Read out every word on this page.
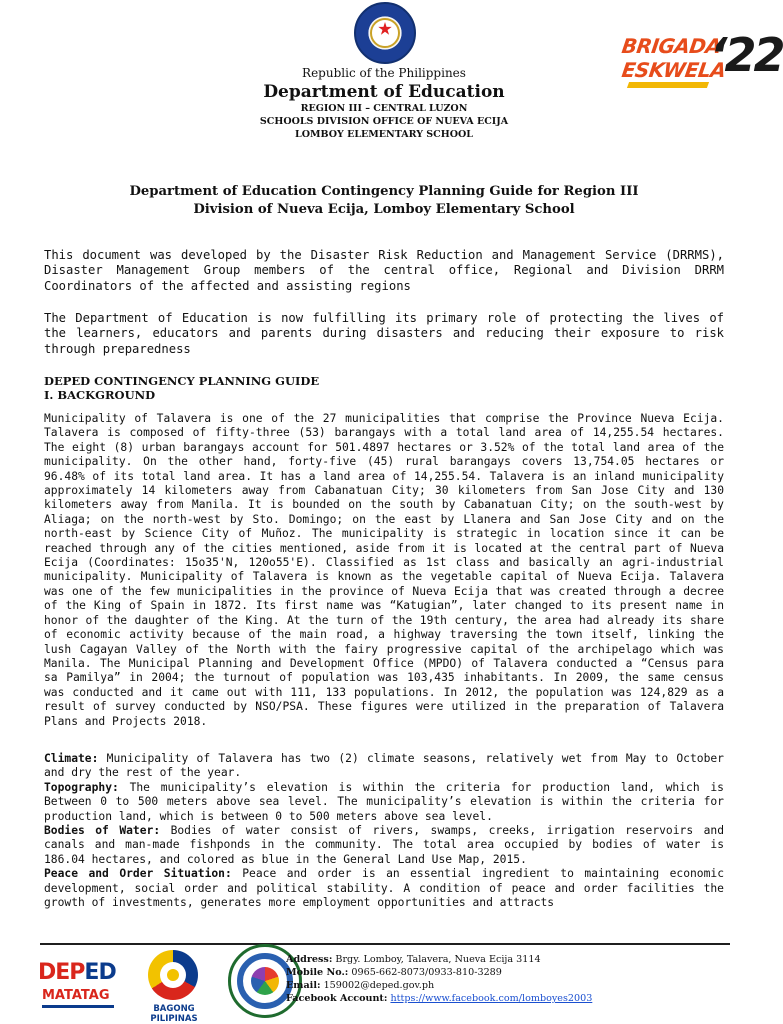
BRIGADA
ESKWELA
‘22
Republic of the Philippines
Department of Education
REGION III – CENTRAL LUZON
SCHOOLS DIVISION OFFICE OF NUEVA ECIJA
LOMBOY ELEMENTARY SCHOOL
Department of Education Contingency Planning Guide for Region III
Division of Nueva Ecija, Lomboy Elementary School
This document was developed by the Disaster Risk Reduction and Management Service (DRRMS), Disaster Management Group members of the central office, Regional and Division DRRM Coordinators of the affected and assisting regions
The Department of Education is now fulfilling its primary role of protecting the lives of the learners, educators and parents during disasters and reducing their exposure to risk through preparedness
DEPED CONTINGENCY PLANNING GUIDE
I. BACKGROUND
Municipality of Talavera is one of the 27 municipalities that comprise the Province Nueva Ecija. Talavera is composed of fifty-three (53) barangays with a total land area of 14,255.54 hectares. The eight (8) urban barangays account for 501.4897 hectares or 3.52% of the total land area of the municipality. On the other hand, forty-five (45) rural barangays covers 13,754.05 hectares or 96.48% of its total land area. It has a land area of 14,255.54. Talavera is an inland municipality approximately 14 kilometers away from Cabanatuan City; 30 kilometers from San Jose City and 130 kilometers away from Manila. It is bounded on the south by Cabanatuan City; on the south-west by Aliaga; on the north-west by Sto. Domingo; on the east by Llanera and San Jose City and on the north-east by Science City of Muñoz. The municipality is strategic in location since it can be reached through any of the cities mentioned, aside from it is located at the central part of Nueva Ecija (Coordinates: 15o35'N, 120o55'E). Classified as 1st class and basically an agri-industrial municipality. Municipality of Talavera is known as the vegetable capital of Nueva Ecija. Talavera was one of the few municipalities in the province of Nueva Ecija that was created through a decree of the King of Spain in 1872. Its first name was “Katugian”, later changed to its present name in honor of the daughter of the King. At the turn of the 19th century, the area had already its share of economic activity because of the main road, a highway traversing the town itself, linking the lush Cagayan Valley of the North with the fairy progressive capital of the archipelago which was Manila. The Municipal Planning and Development Office (MPDO) of Talavera conducted a “Census para sa Pamilya” in 2004; the turnout of population was 103,435 inhabitants. In 2009, the same census was conducted and it came out with 111, 133 populations. In 2012, the population was 124,829 as a result of survey conducted by NSO/PSA. These figures were utilized in the preparation of Talavera Plans and Projects 2018.
Climate: Municipality of Talavera has two (2) climate seasons, relatively wet from May to October and dry the rest of the year.
Topography: The municipality’s elevation is within the criteria for production land, which is Between 0 to 500 meters above sea level. The municipality’s elevation is within the criteria for production land, which is between 0 to 500 meters above sea level.
Bodies of Water: Bodies of water consist of rivers, swamps, creeks, irrigation reservoirs and canals and man-made fishponds in the community. The total area occupied by bodies of water is 186.04 hectares, and colored as blue in the General Land Use Map, 2015.
Peace and Order Situation: Peace and order is an essential ingredient to maintaining economic development, social order and political stability. A condition of peace and order facilities the growth of investments, generates more employment opportunities and attracts
DEPED
MATATAG
BAGONG PILIPINAS
Address: Brgy. Lomboy, Talavera, Nueva Ecija 3114
Mobile No.: 0965-662-8073/0933-810-3289
Email: 159002@deped.gov.ph
Facebook Account: https://www.facebook.com/lomboyes2003
